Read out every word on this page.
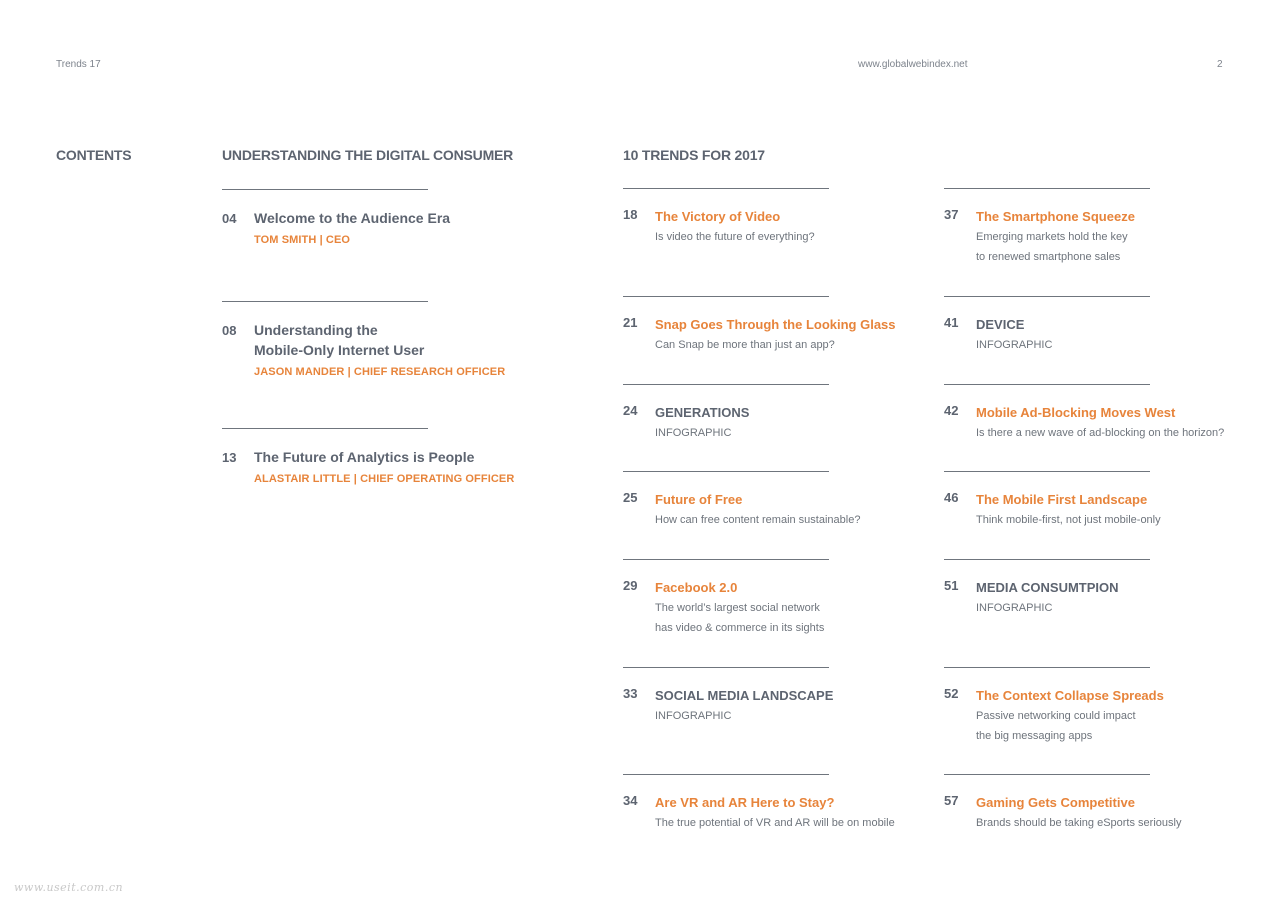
Trends 17	www.globalwebindex.net	2
CONTENTS	UNDERSTANDING THE DIGITAL CONSUMER	10 TRENDS FOR 2017
04 Welcome to the Audience Era
TOM SMITH | CEO
08 Understanding the
Mobile-Only Internet User
JASON MANDER | CHIEF RESEARCH OFFICER
13 The Future of Analytics is People
ALASTAIR LITTLE | CHIEF OPERATING OFFICER
18 The Victory of Video
Is video the future of everything?
21 Snap Goes Through the Looking Glass
Can Snap be more than just an app?
24 GENERATIONS
INFOGRAPHIC
25 Future of Free
How can free content remain sustainable?
29 Facebook 2.0
The world’s largest social network
has video & commerce in its sights
33 SOCIAL MEDIA LANDSCAPE
INFOGRAPHIC
34 Are VR and AR Here to Stay?
The true potential of VR and AR will be on mobile
37 The Smartphone Squeeze
Emerging markets hold the key
to renewed smartphone sales
41 DEVICE
INFOGRAPHIC
42 Mobile Ad-Blocking Moves West
Is there a new wave of ad-blocking on the horizon?
46 The Mobile First Landscape
Think mobile-first, not just mobile-only
51 MEDIA CONSUMTPION
INFOGRAPHIC
52 The Context Collapse Spreads
Passive networking could impact
the big messaging apps
57 Gaming Gets Competitive
Brands should be taking eSports seriously
www.useit.com.cn
